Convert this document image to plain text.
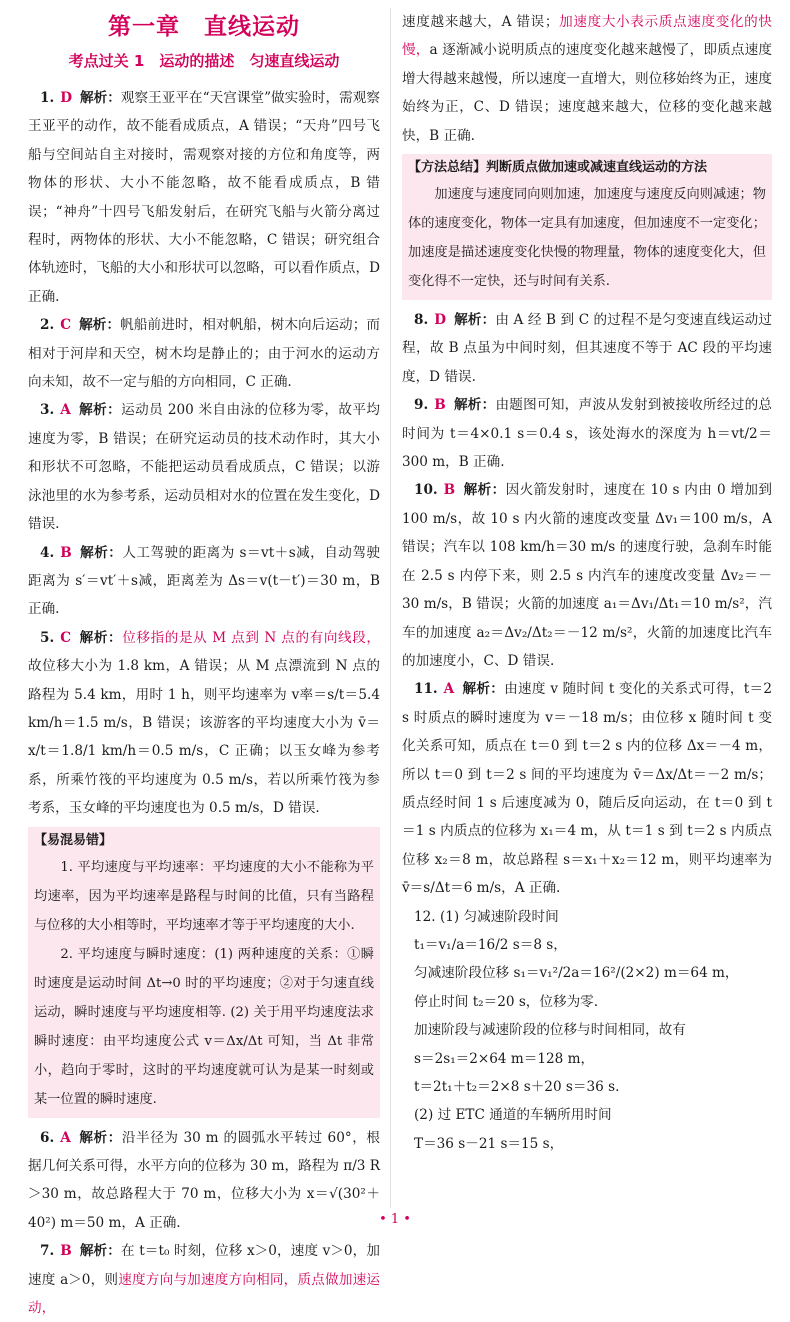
第一章　直线运动
考点过关 1　运动的描述　匀速直线运动

1. D 解析：观察王亚平在“天宫课堂”做实验时，需观察王亚平的动作，故不能看成质点，A 错误；“天舟”四号飞船与空间站自主对接时，需观察对接的方位和角度等，两物体的形状、大小不能忽略，故不能看成质点，B 错误；“神舟”十四号飞船发射后，在研究飞船与火箭分离过程时，两物体的形状、大小不能忽略，C 错误；研究组合体轨迹时，飞船的大小和形状可以忽略，可以看作质点，D 正确.

2. C 解析：帆船前进时，相对帆船，树木向后运动；而相对于河岸和天空，树木均是静止的；由于河水的运动方向未知，故不一定与船的方向相同，C 正确.

3. A 解析：运动员 200 米自由泳的位移为零，故平均速度为零，B 错误；在研究运动员的技术动作时，其大小和形状不可忽略，不能把运动员看成质点，C 错误；以游泳池里的水为参考系，运动员相对水的位置在发生变化，D 错误.

4. B 解析：人工驾驶的距离为 s＝vt＋s减，自动驾驶距离为 s′＝vt′＋s减，距离差为 Δs＝v(t－t′)＝30 m，B 正确.

5. C 解析：位移指的是从 M 点到 N 点的有向线段，故位移大小为 1.8 km，A 错误；从 M 点漂流到 N 点的路程为 5.4 km，用时 1 h，则平均速率为 v率＝s/t＝5.4 km/h＝1.5 m/s，B 错误；该游客的平均速度大小为 v̄＝x/t＝1.8/1 km/h＝0.5 m/s，C 正确；以玉女峰为参考系，所乘竹筏的平均速度为 0.5 m/s，若以所乘竹筏为参考系，玉女峰的平均速度也为 0.5 m/s，D 错误.

【易混易错】

1. 平均速度与平均速率：平均速度的大小不能称为平均速率，因为平均速率是路程与时间的比值，只有当路程与位移的大小相等时，平均速率才等于平均速度的大小.

2. 平均速度与瞬时速度：(1) 两种速度的关系：①瞬时速度是运动时间 Δt→0 时的平均速度；②对于匀速直线运动，瞬时速度与平均速度相等. (2) 关于用平均速度法求瞬时速度：由平均速度公式 v＝Δx/Δt 可知，当 Δt 非常小，趋向于零时，这时的平均速度就可认为是某一时刻或某一位置的瞬时速度.

6. A 解析：沿半径为 30 m 的圆弧水平转过 60°，根据几何关系可得，水平方向的位移为 30 m，路程为 π/3 R＞30 m，故总路程大于 70 m，位移大小为 x＝√(30²＋40²) m＝50 m，A 正确.

7. B 解析：在 t＝t₀ 时刻，位移 x＞0，速度 v＞0，加速度 a＞0，则速度方向与加速度方向相同，质点做加速运动，

速度越来越大，A 错误；加速度大小表示质点速度变化的快慢，a 逐渐减小说明质点的速度变化越来越慢了，即质点速度增大得越来越慢，所以速度一直增大，则位移始终为正，速度始终为正，C、D 错误；速度越来越大，位移的变化越来越快，B 正确.

【方法总结】判断质点做加速或减速直线运动的方法

加速度与速度同向则加速，加速度与速度反向则减速；物体的速度变化，物体一定具有加速度，但加速度不一定变化；加速度是描述速度变化快慢的物理量，物体的速度变化大，但变化得不一定快，还与时间有关系.

8. D 解析：由 A 经 B 到 C 的过程不是匀变速直线运动过程，故 B 点虽为中间时刻，但其速度不等于 AC 段的平均速度，D 错误.

9. B 解析：由题图可知，声波从发射到被接收所经过的总时间为 t＝4×0.1 s＝0.4 s，该处海水的深度为 h＝vt/2＝300 m，B 正确.

10. B 解析：因火箭发射时，速度在 10 s 内由 0 增加到 100 m/s，故 10 s 内火箭的速度改变量 Δv₁＝100 m/s，A 错误；汽车以 108 km/h＝30 m/s 的速度行驶，急刹车时能在 2.5 s 内停下来，则 2.5 s 内汽车的速度改变量 Δv₂＝－30 m/s，B 错误；火箭的加速度 a₁＝Δv₁/Δt₁＝10 m/s²，汽车的加速度 a₂＝Δv₂/Δt₂＝－12 m/s²，火箭的加速度比汽车的加速度小，C、D 错误.

11. A 解析：由速度 v 随时间 t 变化的关系式可得，t＝2 s 时质点的瞬时速度为 v＝－18 m/s；由位移 x 随时间 t 变化关系可知，质点在 t＝0 到 t＝2 s 内的位移 Δx＝－4 m，所以 t＝0 到 t＝2 s 间的平均速度为 v̄＝Δx/Δt＝－2 m/s；质点经时间 1 s 后速度减为 0，随后反向运动，在 t＝0 到 t＝1 s 内质点的位移为 x₁＝4 m，从 t＝1 s 到 t＝2 s 内质点位移 x₂＝8 m，故总路程 s＝x₁＋x₂＝12 m，则平均速率为 v̄＝s/Δt＝6 m/s，A 正确.

12. (1) 匀减速阶段时间

t₁＝v₁/a＝16/2 s＝8 s，

匀减速阶段位移 s₁＝v₁²/2a＝16²/(2×2) m＝64 m，

停止时间 t₂＝20 s，位移为零.

加速阶段与减速阶段的位移与时间相同，故有

s＝2s₁＝2×64 m＝128 m，

t＝2t₁＋t₂＝2×8 s＋20 s＝36 s.

(2) 过 ETC 通道的车辆所用时间

T＝36 s－21 s＝15 s，

• 1 •
